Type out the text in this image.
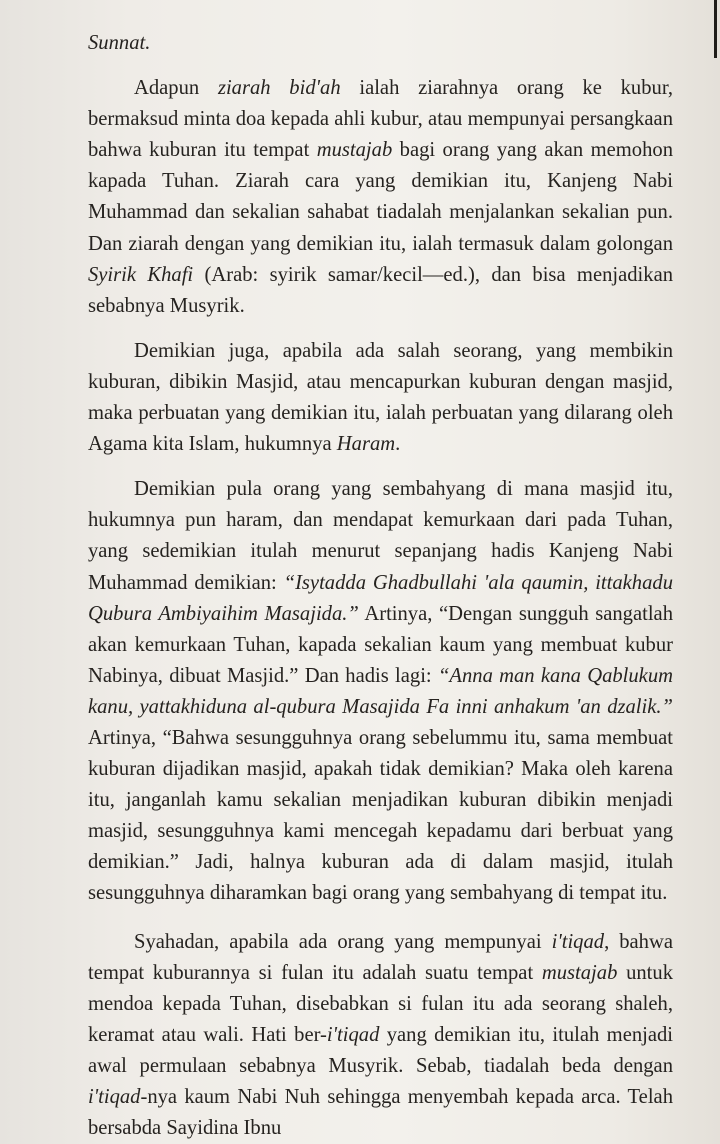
Sunnat.

Adapun ziarah bid'ah ialah ziarahnya orang ke kubur, bermaksud minta doa kepada ahli kubur, atau mempunyai persangkaan bahwa kuburan itu tempat mustajab bagi orang yang akan memohon kapada Tuhan. Ziarah cara yang demikian itu, Kanjeng Nabi Muhammad dan sekalian sahabat tiadalah menjalankan sekalian pun. Dan ziarah dengan yang demikian itu, ialah termasuk dalam golongan Syirik Khafi (Arab: syirik samar/kecil—ed.), dan bisa menjadikan sebabnya Musyrik.

Demikian juga, apabila ada salah seorang, yang membikin kuburan, dibikin Masjid, atau mencapurkan kuburan dengan masjid, maka perbuatan yang demikian itu, ialah perbuatan yang dilarang oleh Agama kita Islam, hukumnya Haram.

Demikian pula orang yang sembahyang di mana masjid itu, hukumnya pun haram, dan mendapat kemurkaan dari pada Tuhan, yang sedemikian itulah menurut sepanjang hadis Kanjeng Nabi Muhammad demikian: “Isytadda Ghadbullahi 'ala qaumin, ittakhadu Qubura Ambiyaihim Masajida.” Artinya, “Dengan sungguh sangatlah akan kemurkaan Tuhan, kapada sekalian kaum yang membuat kubur Nabinya, dibuat Masjid.” Dan hadis lagi: “Anna man kana Qablukum kanu, yattakhiduna al-qubura Masajida Fa inni anhakum 'an dzalik.” Artinya, “Bahwa sesungguhnya orang sebelummu itu, sama membuat kuburan dijadikan masjid, apakah tidak demikian? Maka oleh karena itu, janganlah kamu sekalian menjadikan kuburan dibikin menjadi masjid, sesungguhnya kami mencegah kepadamu dari berbuat yang demikian.” Jadi, halnya kuburan ada di dalam masjid, itulah sesungguhnya diharamkan bagi orang yang sembahyang di tempat itu.

Syahadan, apabila ada orang yang mempunyai i'tiqad, bahwa tempat kuburannya si fulan itu adalah suatu tempat mustajab untuk mendoa kepada Tuhan, disebabkan si fulan itu ada seorang shaleh, keramat atau wali. Hati ber-i'tiqad yang demikian itu, itulah menjadi awal permulaan sebabnya Musyrik. Sebab, tiadalah beda dengan i'tiqad-nya kaum Nabi Nuh sehingga menyembah kepada arca. Telah bersabda Sayidina Ibnu
